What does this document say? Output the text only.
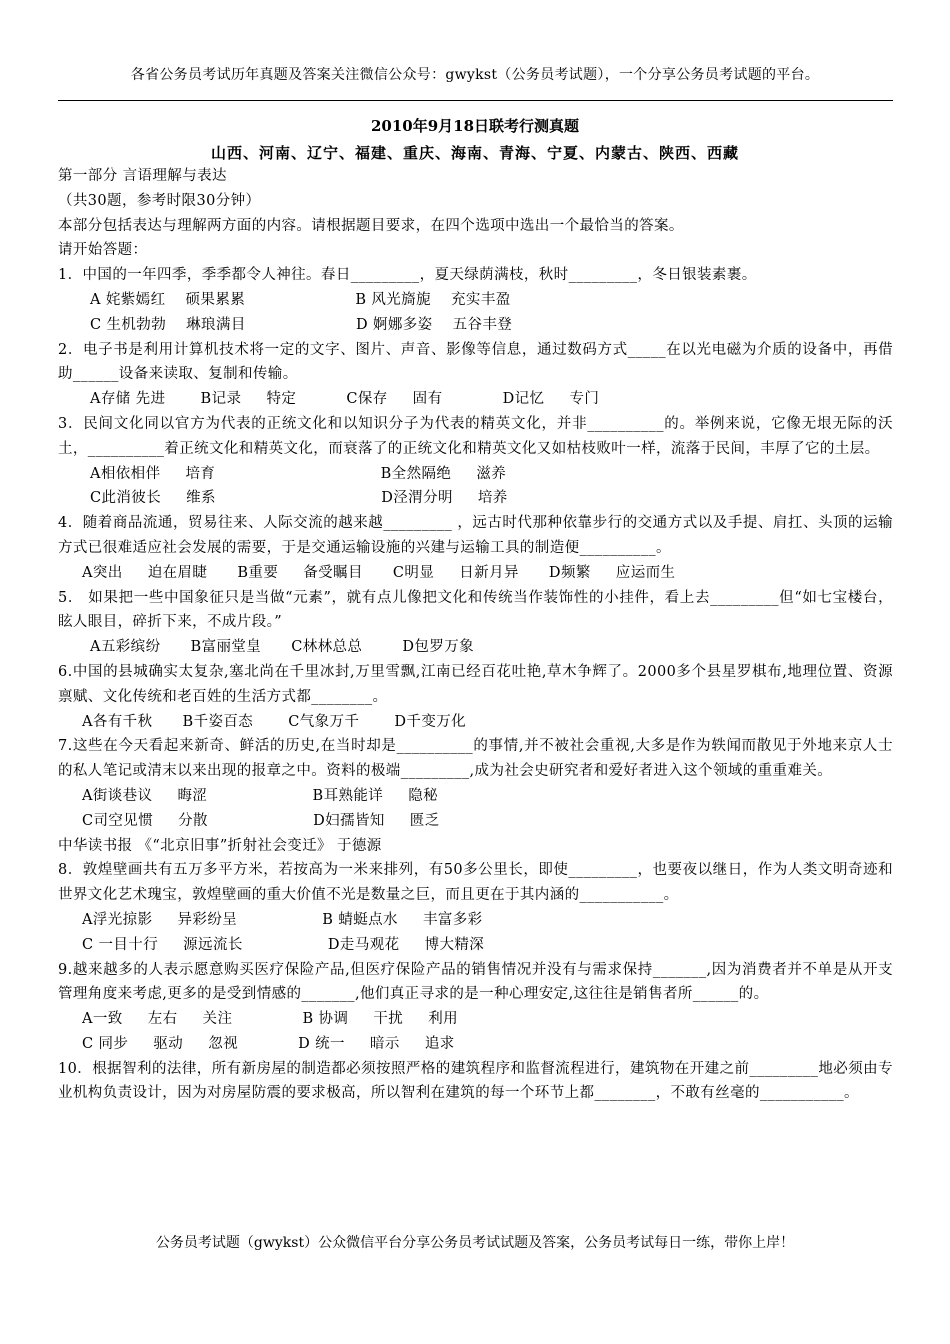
各省公务员考试历年真题及答案关注微信公众号：gwykst（公务员考试题），一个分享公务员考试题的平台。
2010年9月18日联考行测真题
山西、河南、辽宁、福建、重庆、海南、青海、宁夏、内蒙古、陕西、西藏

第一部分 言语理解与表达

（共30题，参考时限30分钟）

本部分包括表达与理解两方面的内容。请根据题目要求，在四个选项中选出一个最恰当的答案。

请开始答题：

1．中国的一年四季，季季都令人神往。春日_________，夏天绿荫满枝，秋时_________，冬日银装素裹。

A 姹紫嫣红    硕果累累                      B 风光旖旎    充实丰盈

C 生机勃勃    琳琅满目                      D 婀娜多姿    五谷丰登

2．电子书是利用计算机技术将一定的文字、图片、声音、影像等信息，通过数码方式_____在以光电磁为介质的设备中，再借助______设备来读取、复制和传输。

A存储 先进       B记录     特定          C保存     固有            D记忆     专门

3．民间文化同以官方为代表的正统文化和以知识分子为代表的精英文化，并非__________的。举例来说，它像无垠无际的沃土，__________着正统文化和精英文化，而衰落了的正统文化和精英文化又如枯枝败叶一样，流落于民间，丰厚了它的土层。

A相依相伴     培育                                 B全然隔绝     滋养

C此消彼长     维系                                 D泾渭分明     培养

4．随着商品流通，贸易往来、人际交流的越来越_________ ，远古时代那种依靠步行的交通方式以及手提、肩扛、头顶的运输方式已很难适应社会发展的需要，于是交通运输设施的兴建与运输工具的制造便__________。

A突出     迫在眉睫      B重要     备受瞩目      C明显     日新月异      D频繁     应运而生

5． 如果把一些中国象征只是当做“元素”，就有点儿像把文化和传统当作装饰性的小挂件，看上去_________但“如七宝楼台，眩人眼目，碎折下来，不成片段。”

A五彩缤纷      B富丽堂皇      C林林总总        D包罗万象

6.中国的县城确实太复杂,塞北尚在千里冰封,万里雪飘,江南已经百花吐艳,草木争辉了。2000多个县星罗棋布,地理位置、资源禀赋、文化传统和老百姓的生活方式都________。

A各有千秋      B千姿百态       C气象万千       D千变万化

7.这些在今天看起来新奇、鲜活的历史,在当时却是__________的事情,并不被社会重视,大多是作为轶闻而散见于外地来京人士的私人笔记或清末以来出现的报章之中。资料的极端_________,成为社会史研究者和爱好者进入这个领域的重重难关。

A街谈巷议     晦涩                     B耳熟能详     隐秘

C司空见惯     分散                     D妇孺皆知     匮乏

中华读书报 《“北京旧事”折射社会变迁》 于德源

8．敦煌壁画共有五万多平方米，若按高为一米来排列，有50多公里长，即使_________，也要夜以继日，作为人类文明奇迹和世界文化艺术瑰宝，敦煌壁画的重大价值不光是数量之巨，而且更在于其内涵的___________。

A浮光掠影     异彩纷呈                 B 蜻蜓点水     丰富多彩

C 一目十行     源远流长                 D走马观花     博大精深

9.越来越多的人表示愿意购买医疗保险产品,但医疗保险产品的销售情况并没有与需求保持_______,因为消费者并不单是从开支管理角度来考虑,更多的是受到情感的_______,他们真正寻求的是一种心理安定,这往往是销售者所______的。

A一致     左右     关注              B 协调     干扰     利用

C 同步     驱动     忽视            D 统一     暗示     追求

10．根据智利的法律，所有新房屋的制造都必须按照严格的建筑程序和监督流程进行，建筑物在开建之前_________地必须由专业机构负责设计，因为对房屋防震的要求极高，所以智利在建筑的每一个环节上都________，不敢有丝毫的___________。

公务员考试题（gwykst）公众微信平台分享公务员考试试题及答案，公务员考试每日一练，带你上岸！
